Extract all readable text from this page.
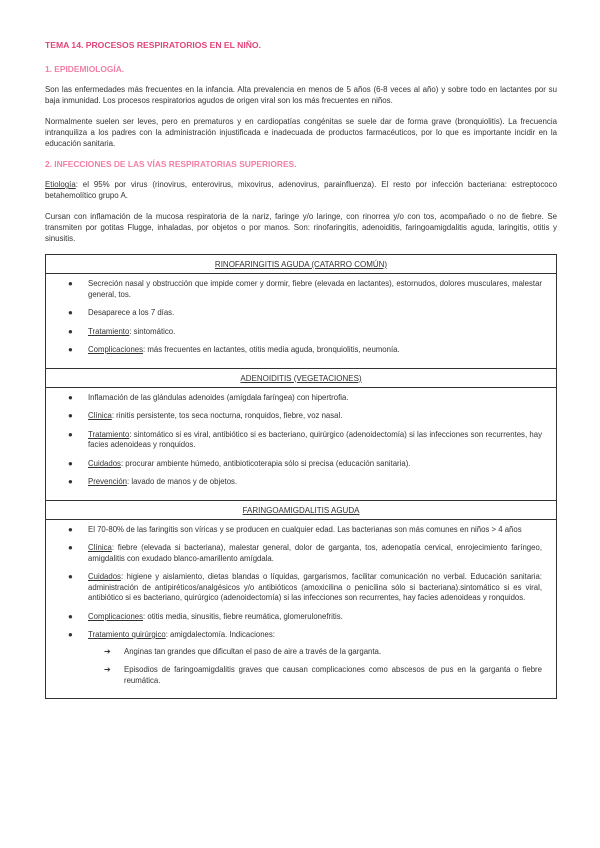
TEMA 14. PROCESOS RESPIRATORIOS EN EL NIÑO.
1. EPIDEMIOLOGÍA.

Son las enfermedades más frecuentes en la infancia. Alta prevalencia en menos de 5 años (6-8 veces al año) y sobre todo en lactantes por su baja inmunidad. Los procesos respiratorios agudos de origen viral son los más frecuentes en niños.

Normalmente suelen ser leves, pero en prematuros y en cardiopatías congénitas se suele dar de forma grave (bronquiolitis). La frecuencia intranquiliza a los padres con la administración injustificada e inadecuada de productos farmacéuticos, por lo que es importante incidir en la educación sanitaria.

2. INFECCIONES DE LAS VÍAS RESPIRATORIAS SUPERIORES.

Etiología: el 95% por virus (rinovirus, enterovirus, mixovirus, adenovirus, parainfluenza). El resto por infección bacteriana: estreptococo betahemolítico grupo A.

Cursan con inflamación de la mucosa respiratoria de la nariz, faringe y/o laringe, con rinorrea y/o con tos, acompañado o no de fiebre. Se transmiten por gotitas Flugge, inhaladas, por objetos o por manos. Son: rinofaringitis, adenoiditis, faringoamigdalitis aguda, laringitis, otitis y sinusitis.

RINOFARINGITIS AGUDA (CATARRO COMÚN)

● Secreción nasal y obstrucción que impide comer y dormir, fiebre (elevada en lactantes), estornudos, dolores musculares, malestar general, tos.
● Desaparece a los 7 días.
● Tratamiento: sintomático.
● Complicaciones: más frecuentes en lactantes, otitis media aguda, bronquiolitis, neumonía.

ADENOIDITIS (VEGETACIONES)

● Inflamación de las glándulas adenoides (amígdala faríngea) con hipertrofia.
● Clínica: rinitis persistente, tos seca nocturna, ronquidos, fiebre, voz nasal.
● Tratamiento: sintomático si es viral, antibiótico si es bacteriano, quirúrgico (adenoidectomía) si las infecciones son recurrentes, hay facies adenoideas y ronquidos.
● Cuidados: procurar ambiente húmedo, antibioticoterapia sólo si precisa (educación sanitaria).
● Prevención: lavado de manos y de objetos.

FARINGOAMIGDALITIS AGUDA

● El 70-80% de las faringitis son víricas y se producen en cualquier edad. Las bacterianas son más comunes en niños > 4 años
● Clínica: fiebre (elevada si bacteriana), malestar general, dolor de garganta, tos, adenopatía cervical, enrojecimiento faríngeo, amigdalitis con exudado blanco-amarillento amígdala.
● Cuidados: higiene y aislamiento, dietas blandas o líquidas, gargarismos, facilitar comunicación no verbal. Educación sanitaria: administración de antipiréticos/analgésicos y/o antibióticos (amoxicilina o penicilina sólo si bacteriana).sintomático si es viral, antibiótico si es bacteriano, quirúrgico (adenoidectomía) si las infecciones son recurrentes, hay facies adenoideas y ronquidos.
● Complicaciones: otitis media, sinusitis, fiebre reumática, glomerulonefritis.
● Tratamiento quirúrgico: amigdalectomía. Indicaciones:
➔ Anginas tan grandes que dificultan el paso de aire a través de la garganta.
➔ Episodios de faringoamigdalitis graves que causan complicaciones como abscesos de pus en la garganta o fiebre reumática.
